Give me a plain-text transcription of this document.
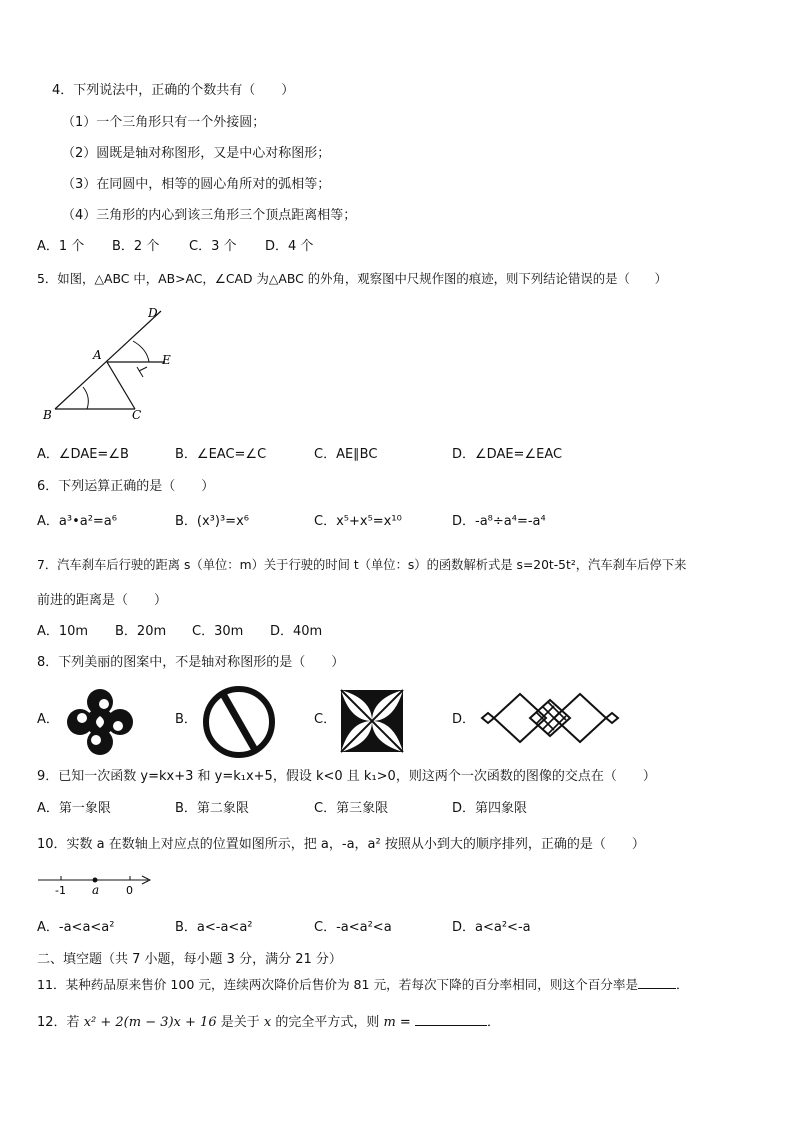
4．下列说法中，正确的个数共有（　　）
（1）一个三角形只有一个外接圆；
（2）圆既是轴对称图形，又是中心对称图形；
（3）在同圆中，相等的圆心角所对的弧相等；
（4）三角形的内心到该三角形三个顶点距离相等；
A．1 个 B．2 个 C．3 个 D．4 个
5．如图，△ABC 中，AB>AC，∠CAD 为△ABC 的外角，观察图中尺规作图的痕迹，则下列结论错误的是（　　）
D
A	E
B	C
A．∠DAE=∠B	B．∠EAC=∠C	C．AE∥BC	D．∠DAE=∠EAC
6．下列运算正确的是（　　）
A．a³•a²=a⁶	B．(x³)³=x⁶	C．x⁵+x⁵=x¹⁰	D．-a⁸÷a⁴=-a⁴
7．汽车刹车后行驶的距离 s（单位：m）关于行驶的时间 t（单位：s）的函数解析式是 s=20t-5t²，汽车刹车后停下来
前进的距离是（　　）
A．10m B．20m C．30m D．40m
8．下列美丽的图案中，不是轴对称图形的是（　　）
A．	B．	C．	D．
9．已知一次函数 y=kx+3 和 y=k₁x+5，假设 k<0 且 k₁>0，则这两个一次函数的图像的交点在（　　）
A．第一象限	B．第二象限	C．第三象限	D．第四象限
10．实数 a 在数轴上对应点的位置如图所示，把 a，-a，a² 按照从小到大的顺序排列，正确的是（　　）
-1 a 0
A．-a<a<a²	B．a<-a<a²	C．-a<a²<a	D．a<a²<-a
二、填空题（共 7 小题，每小题 3 分，满分 21 分）
11．某种药品原来售价 100 元，连续两次降价后售价为 81 元，若每次下降的百分率相同，则这个百分率是	．
12．若 x² + 2(m − 3)x + 16 是关于 x 的完全平方式，则 m =	．
